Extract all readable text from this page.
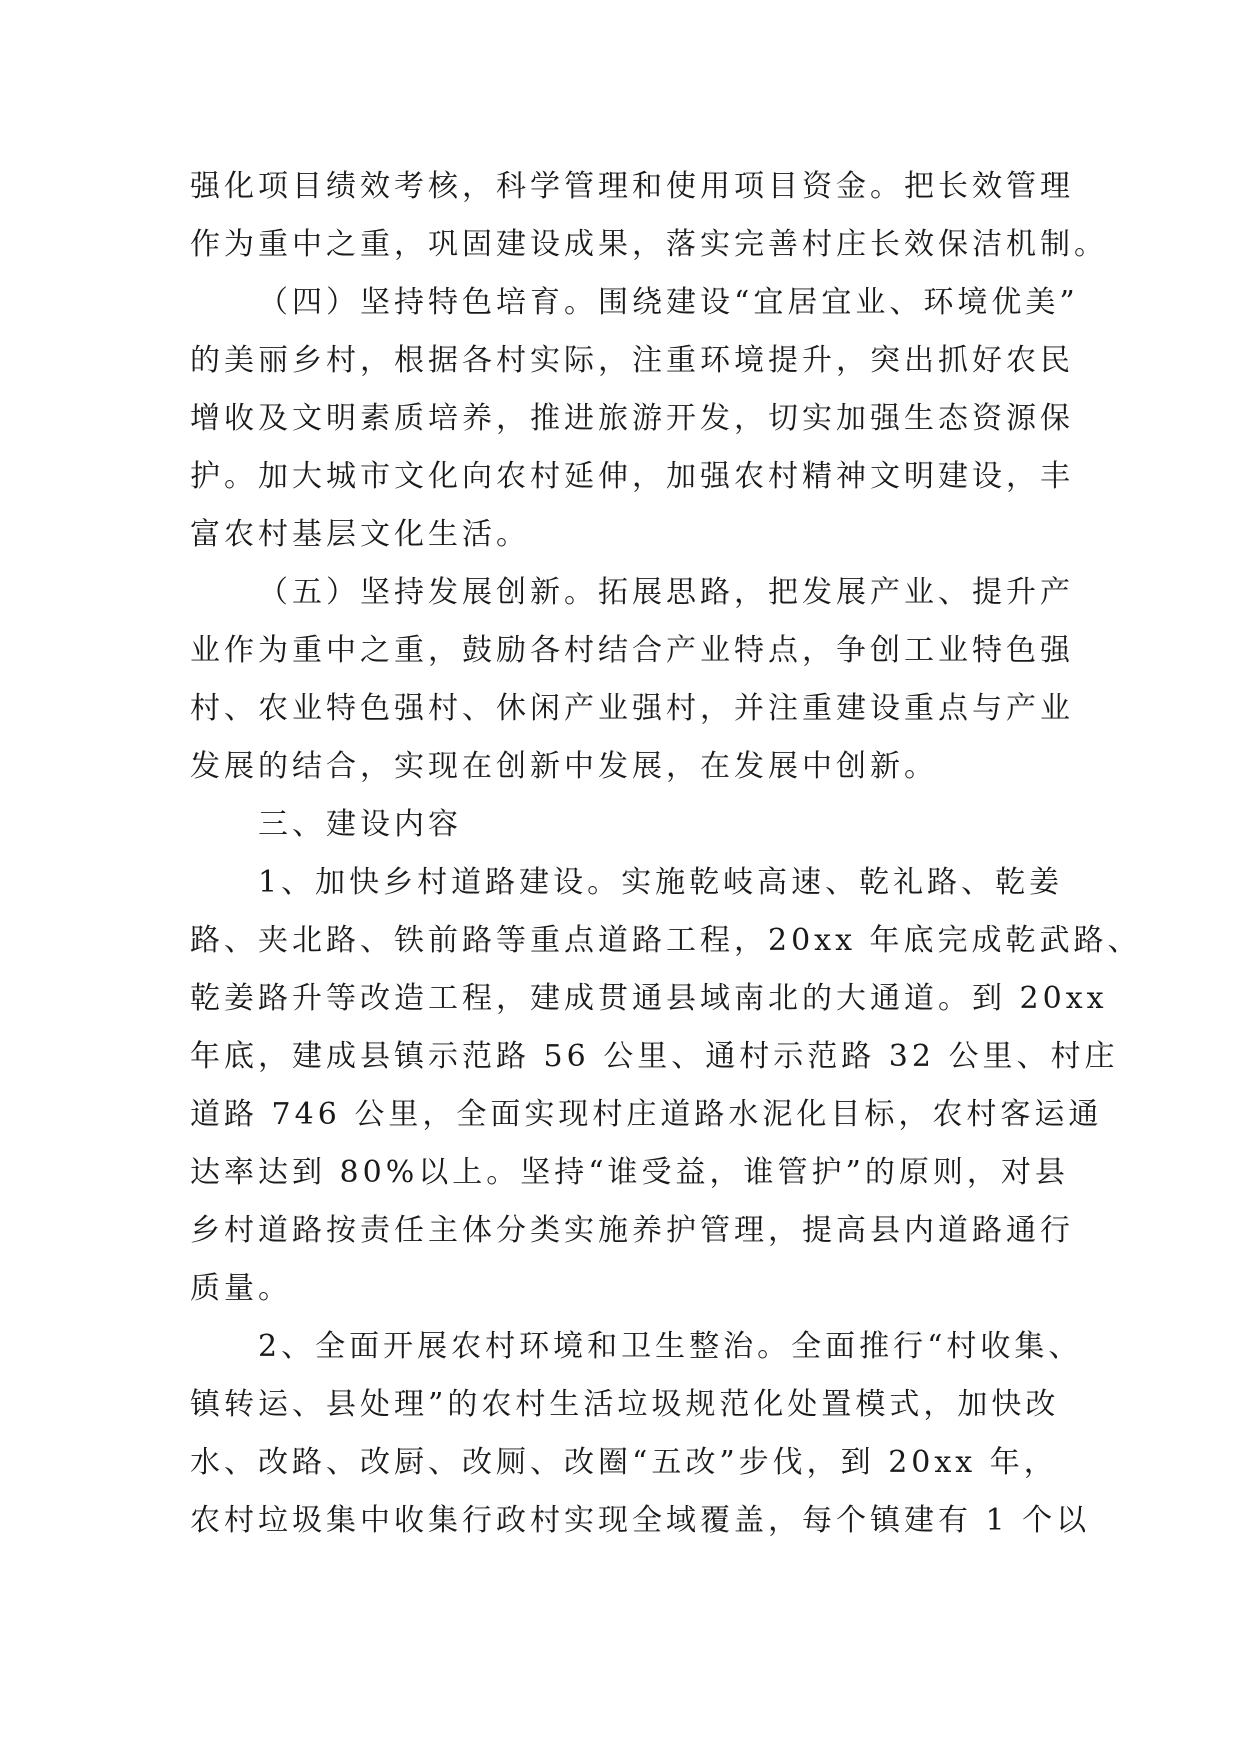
强化项目绩效考核，科学管理和使用项目资金。把长效管理
作为重中之重，巩固建设成果，落实完善村庄长效保洁机制。
（四）坚持特色培育。围绕建设“宜居宜业、环境优美”
的美丽乡村，根据各村实际，注重环境提升，突出抓好农民
增收及文明素质培养，推进旅游开发，切实加强生态资源保
护。加大城市文化向农村延伸，加强农村精神文明建设，丰
富农村基层文化生活。
（五）坚持发展创新。拓展思路，把发展产业、提升产
业作为重中之重，鼓励各村结合产业特点，争创工业特色强
村、农业特色强村、休闲产业强村，并注重建设重点与产业
发展的结合，实现在创新中发展，在发展中创新。
三、建设内容
1、加快乡村道路建设。实施乾岐高速、乾礼路、乾姜
路、夹北路、铁前路等重点道路工程，20xx 年底完成乾武路、
乾姜路升等改造工程，建成贯通县域南北的大通道。到 20xx
年底，建成县镇示范路 56 公里、通村示范路 32 公里、村庄
道路 746 公里，全面实现村庄道路水泥化目标，农村客运通
达率达到 80%以上。坚持“谁受益，谁管护”的原则，对县
乡村道路按责任主体分类实施养护管理，提高县内道路通行
质量。
2、全面开展农村环境和卫生整治。全面推行“村收集、
镇转运、县处理”的农村生活垃圾规范化处置模式，加快改
水、改路、改厨、改厕、改圈“五改”步伐，到 20xx 年，
农村垃圾集中收集行政村实现全域覆盖，每个镇建有 1 个以
